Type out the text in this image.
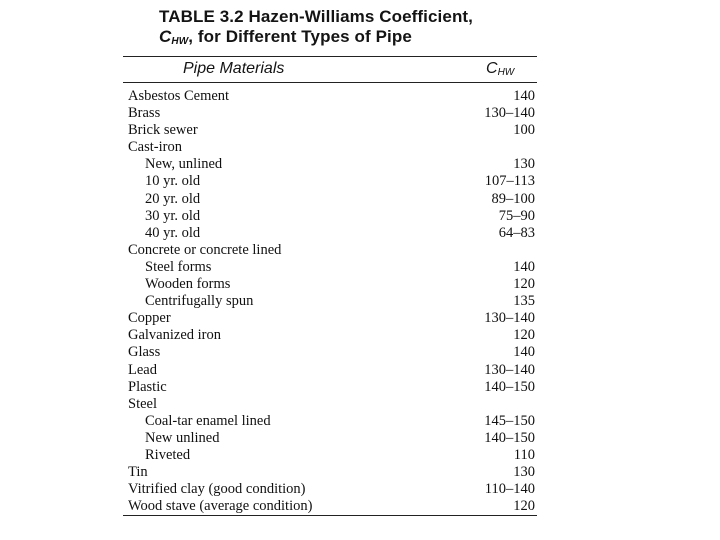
TABLE 3.2 Hazen-Williams Coefficient,
$C_{HW}$, for Different Types of Pipe
Pipe Materials	$C_{HW}$
Asbestos Cement	140
Brass	130–140
Brick sewer	100
Cast-iron
New, unlined	130
10 yr. old	107–113
20 yr. old	89–100
30 yr. old	75–90
40 yr. old	64–83
Concrete or concrete lined
Steel forms	140
Wooden forms	120
Centrifugally spun	135
Copper	130–140
Galvanized iron	120
Glass	140
Lead	130–140
Plastic	140–150
Steel
Coal-tar enamel lined	145–150
New unlined	140–150
Riveted	110
Tin	130
Vitrified clay (good condition)	110–140
Wood stave (average condition)	120
